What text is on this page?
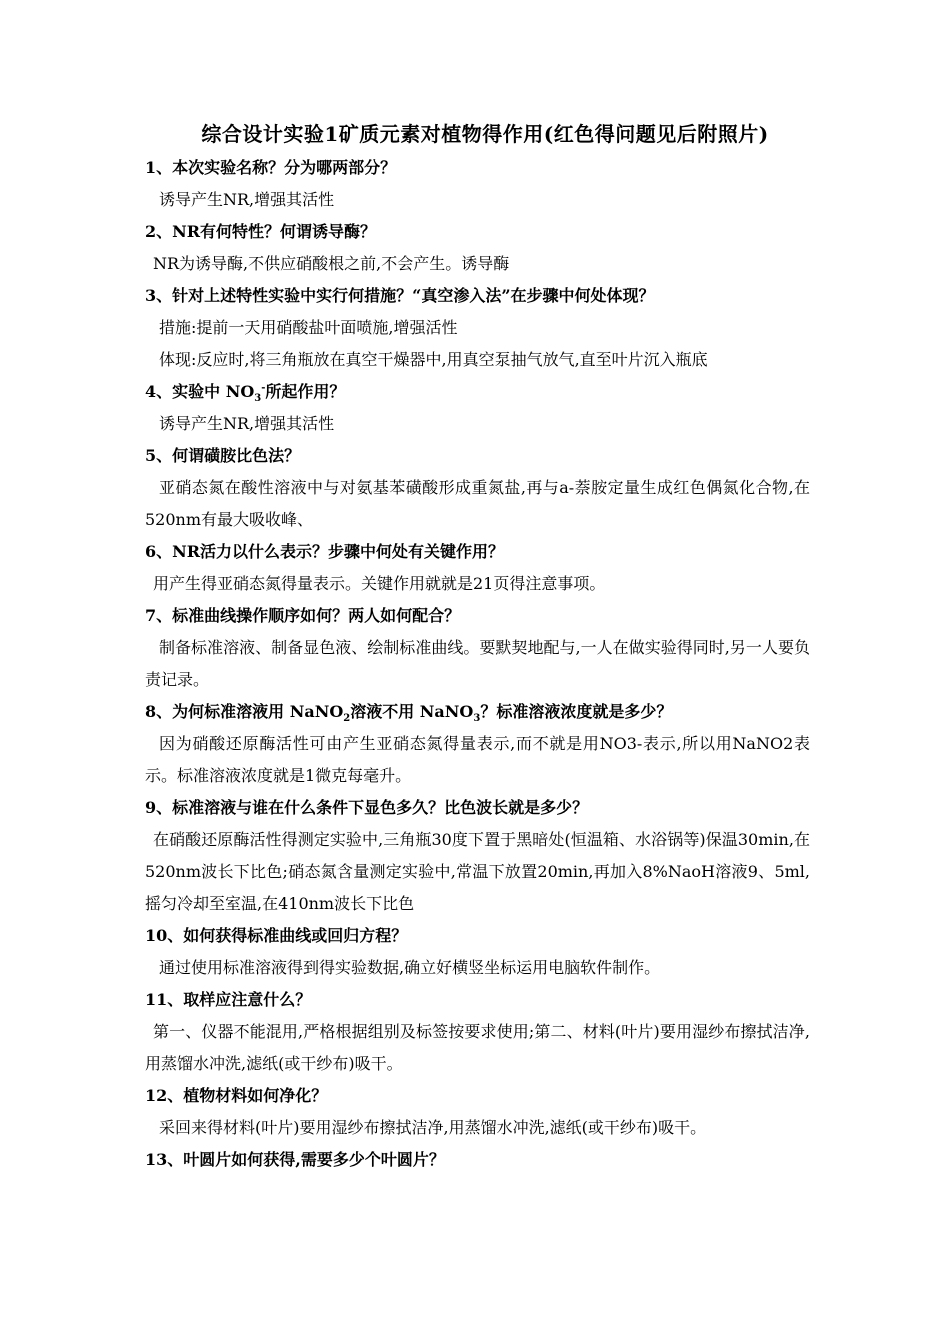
综合设计实验1矿质元素对植物得作用(红色得问题见后附照片)
1、本次实验名称？分为哪两部分？
诱导产生NR,增强其活性
2、NR有何特性？何谓诱导酶？
NR为诱导酶,不供应硝酸根之前,不会产生。诱导酶
3、针对上述特性实验中实行何措施？“真空渗入法”在步骤中何处体现？
措施:提前一天用硝酸盐叶面喷施,增强活性
体现:反应时,将三角瓶放在真空干燥器中,用真空泵抽气放气,直至叶片沉入瓶底
4、实验中 $NO_3^-$所起作用？
诱导产生NR,增强其活性
5、何谓磺胺比色法？
亚硝态氮在酸性溶液中与对氨基苯磺酸形成重氮盐,再与a-萘胺定量生成红色偶氮化合物,在520nm有最大吸收峰、
6、NR活力以什么表示？步骤中何处有关键作用？
用产生得亚硝态氮得量表示。关键作用就就是21页得注意事项。
7、标准曲线操作顺序如何？两人如何配合？
制备标准溶液、制备显色液、绘制标准曲线。要默契地配与,一人在做实验得同时,另一人要负责记录。
8、为何标准溶液用 NaNO$_2$溶液不用 NaNO$_3$？标准溶液浓度就是多少？
因为硝酸还原酶活性可由产生亚硝态氮得量表示,而不就是用NO3-表示,所以用NaNO2表示。标准溶液浓度就是1微克每毫升。
9、标准溶液与谁在什么条件下显色多久？比色波长就是多少？
在硝酸还原酶活性得测定实验中,三角瓶30度下置于黑暗处(恒温箱、水浴锅等)保温30min,在520nm波长下比色;硝态氮含量测定实验中,常温下放置20min,再加入8%NaoH溶液9、5ml,摇匀冷却至室温,在410nm波长下比色
10、如何获得标准曲线或回归方程？
通过使用标准溶液得到得实验数据,确立好横竖坐标运用电脑软件制作。
11、取样应注意什么？
第一、仪器不能混用,严格根据组别及标签按要求使用;第二、材料(叶片)要用湿纱布擦拭洁净,用蒸馏水冲洗,滤纸(或干纱布)吸干。
12、植物材料如何净化？
采回来得材料(叶片)要用湿纱布擦拭洁净,用蒸馏水冲洗,滤纸(或干纱布)吸干。
13、叶圆片如何获得,需要多少个叶圆片？
